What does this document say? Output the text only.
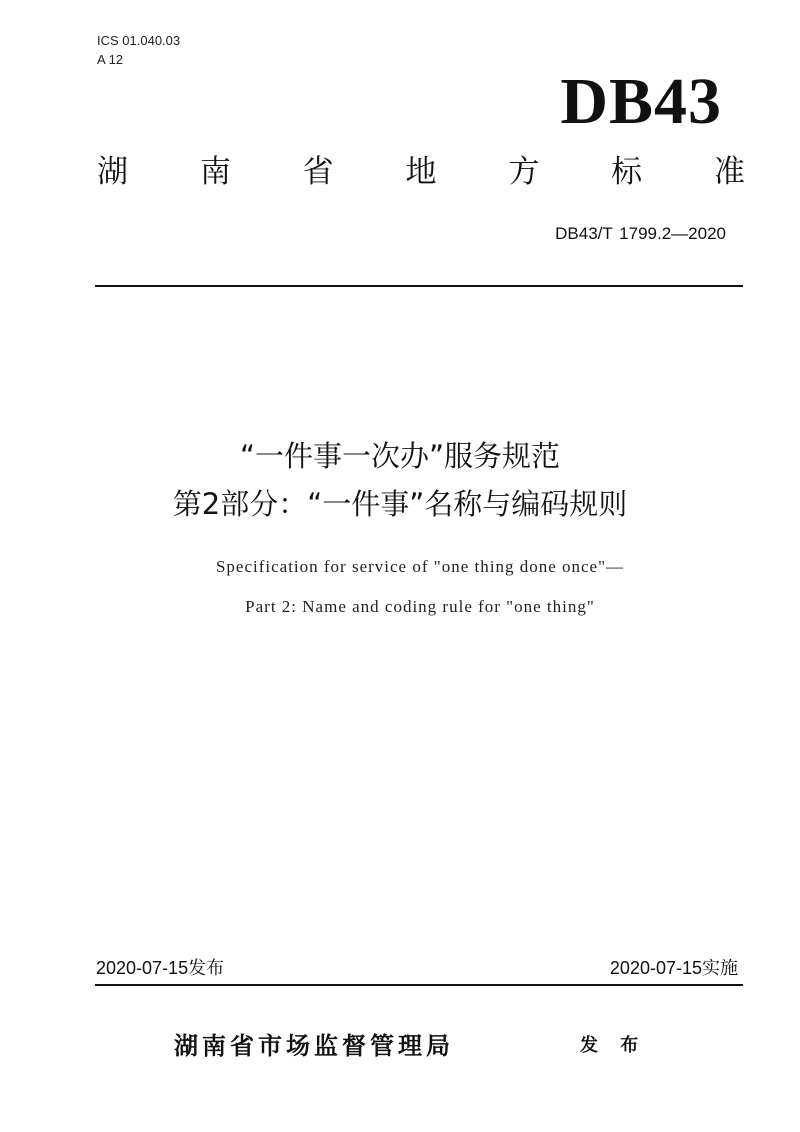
ICS 01.040.03
A 12
DB43
湖 南 省 地 方 标 准
DB43/T 1799.2—2020
“一件事一次办”服务规范
第2部分：“一件事”名称与编码规则
Specification for service of "one thing done once"—
Part 2: Name and coding rule for "one thing"
2020-07-15发布	2020-07-15实施
湖南省市场监督管理局	发 布
